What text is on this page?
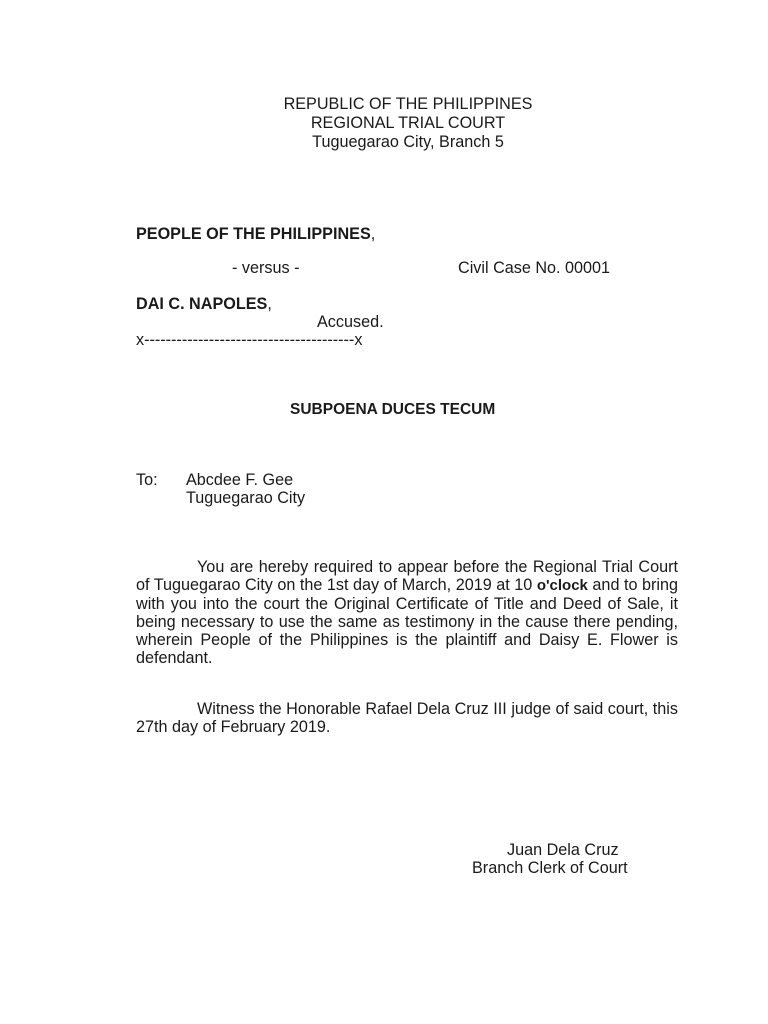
REPUBLIC OF THE PHILIPPINES
REGIONAL TRIAL COURT
Tuguegarao City, Branch 5
PEOPLE OF THE PHILIPPINES,
- versus -	Civil Case No. 00001
DAI C. NAPOLES,
Accused.
x---------------------------------------x
SUBPOENA DUCES TECUM
To: Abcdee F. Gee
Tuguegarao City
You are hereby required to appear before the Regional Trial Court of Tuguegarao City on the 1st day of March, 2019 at 10 o'clock and to bring with you into the court the Original Certificate of Title and Deed of Sale, it being necessary to use the same as testimony in the cause there pending, wherein People of the Philippines is the plaintiff and Daisy E. Flower is defendant.
Witness the Honorable Rafael Dela Cruz III judge of said court, this 27th day of February 2019.
Juan Dela Cruz
Branch Clerk of Court
